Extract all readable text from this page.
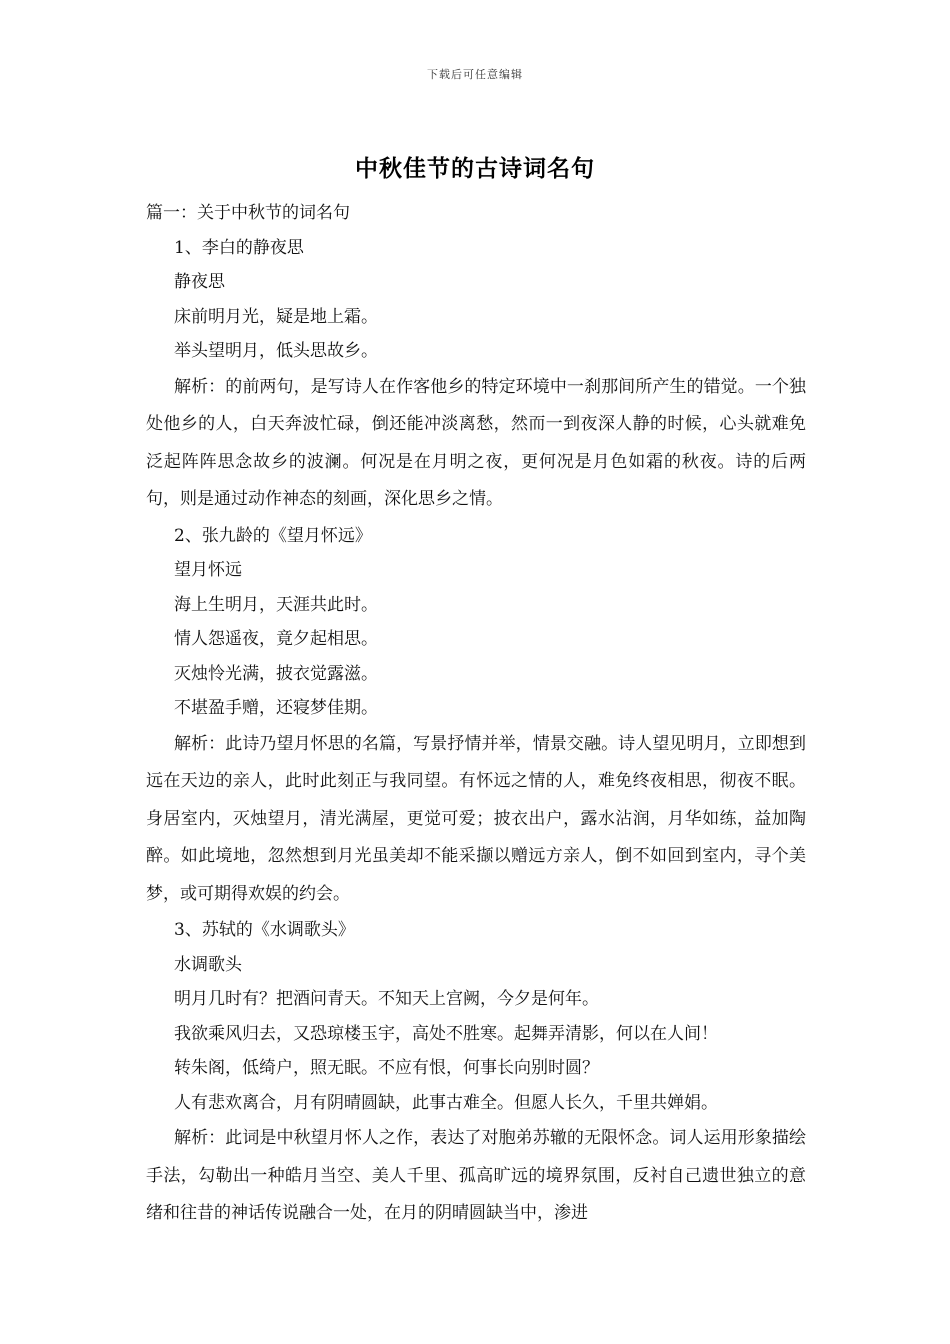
下载后可任意编辑
中秋佳节的古诗词名句
篇一：关于中秋节的词名句
1、李白的静夜思
静夜思
床前明月光，疑是地上霜。
举头望明月，低头思故乡。
解析：的前两句，是写诗人在作客他乡的特定环境中一刹那间所产生的错觉。一个独处他乡的人，白天奔波忙碌，倒还能冲淡离愁，然而一到夜深人静的时候，心头就难免泛起阵阵思念故乡的波澜。何况是在月明之夜，更何况是月色如霜的秋夜。诗的后两句，则是通过动作神态的刻画，深化思乡之情。
2、张九龄的《望月怀远》
望月怀远
海上生明月，天涯共此时。
情人怨遥夜，竟夕起相思。
灭烛怜光满，披衣觉露滋。
不堪盈手赠，还寝梦佳期。
解析：此诗乃望月怀思的名篇，写景抒情并举，情景交融。诗人望见明月，立即想到远在天边的亲人，此时此刻正与我同望。有怀远之情的人，难免终夜相思，彻夜不眠。身居室内，灭烛望月，清光满屋，更觉可爱；披衣出户，露水沾润，月华如练，益加陶醉。如此境地，忽然想到月光虽美却不能采撷以赠远方亲人，倒不如回到室内，寻个美梦，或可期得欢娱的约会。
3、苏轼的《水调歌头》
水调歌头
明月几时有？把酒问青天。不知天上宫阙，今夕是何年。
我欲乘风归去，又恐琼楼玉宇，高处不胜寒。起舞弄清影，何以在人间！
转朱阁，低绮户，照无眠。不应有恨，何事长向别时圆？
人有悲欢离合，月有阴晴圆缺，此事古难全。但愿人长久，千里共婵娟。
解析：此词是中秋望月怀人之作，表达了对胞弟苏辙的无限怀念。词人运用形象描绘手法，勾勒出一种皓月当空、美人千里、孤高旷远的境界氛围，反衬自己遗世独立的意绪和往昔的神话传说融合一处，在月的阴晴圆缺当中，渗进
